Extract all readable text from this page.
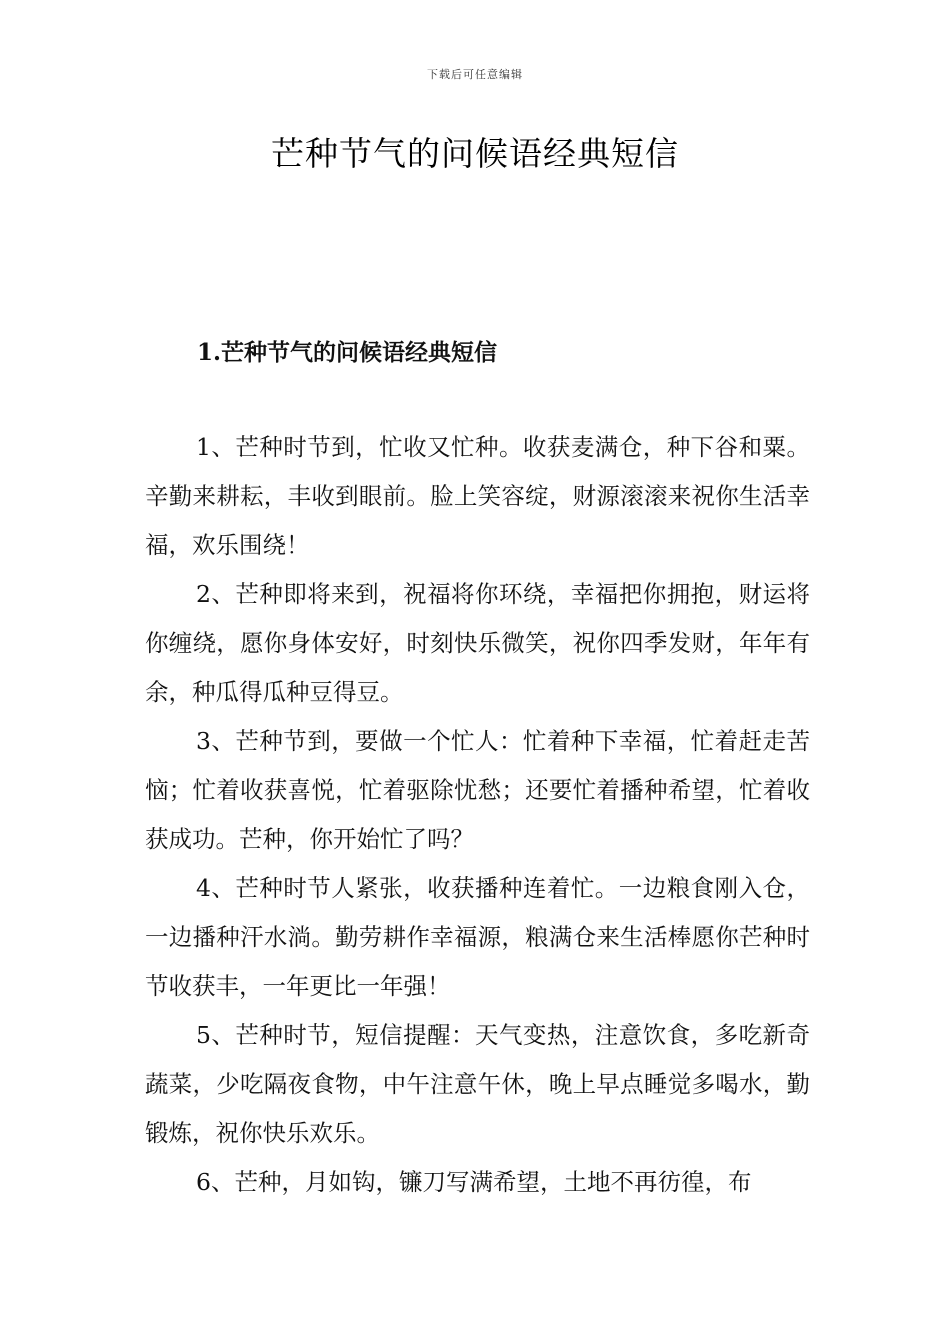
下载后可任意编辑
芒种节气的问候语经典短信
1.芒种节气的问候语经典短信

1、芒种时节到，忙收又忙种。收获麦满仓，种下谷和粟。辛勤来耕耘，丰收到眼前。脸上笑容绽，财源滚滚来祝你生活幸福，欢乐围绕！

2、芒种即将来到，祝福将你环绕，幸福把你拥抱，财运将你缠绕，愿你身体安好，时刻快乐微笑，祝你四季发财，年年有余，种瓜得瓜种豆得豆。

3、芒种节到，要做一个忙人：忙着种下幸福，忙着赶走苦恼；忙着收获喜悦，忙着驱除忧愁；还要忙着播种希望，忙着收获成功。芒种，你开始忙了吗？

4、芒种时节人紧张，收获播种连着忙。一边粮食刚入仓，一边播种汗水淌。勤劳耕作幸福源，粮满仓来生活棒愿你芒种时节收获丰，一年更比一年强！

5、芒种时节，短信提醒：天气变热，注意饮食，多吃新奇蔬菜，少吃隔夜食物，中午注意午休，晚上早点睡觉多喝水，勤锻炼，祝你快乐欢乐。

6、芒种，月如钩，镰刀写满希望，土地不再彷徨，布
